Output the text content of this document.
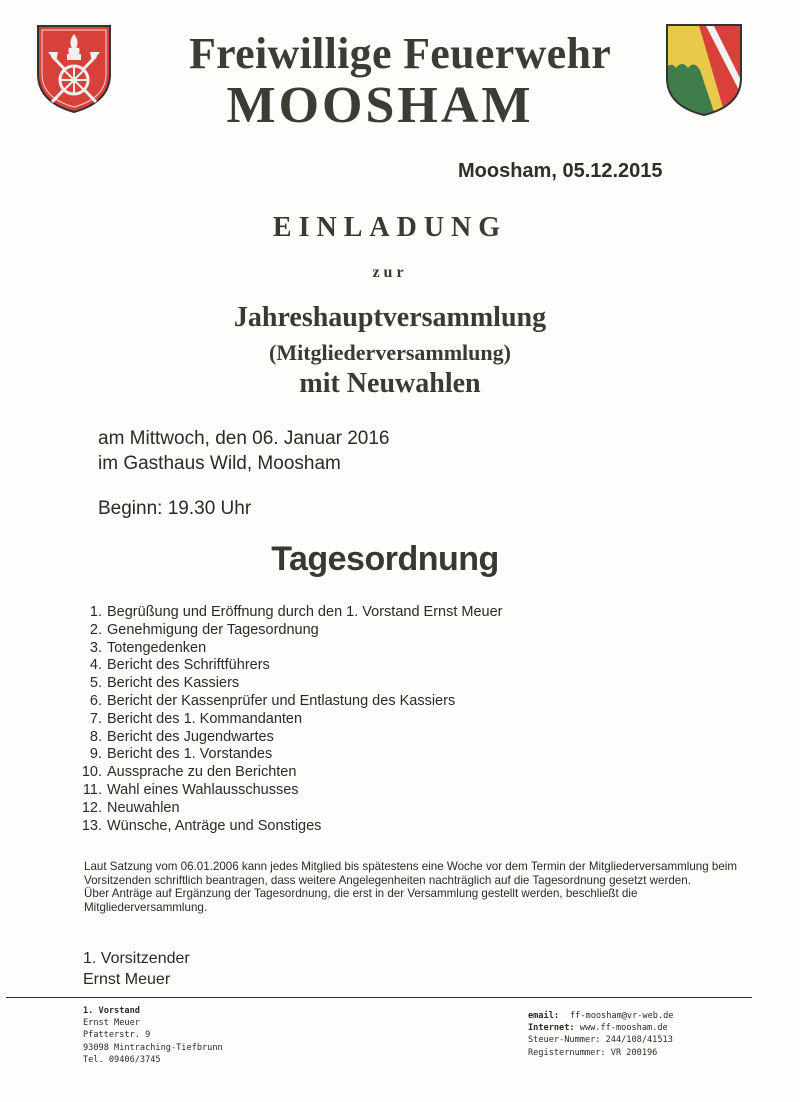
Freiwillige Feuerwehr
MOOSHAM
Moosham, 05.12.2015
EINLADUNG
zur
Jahreshauptversammlung
(Mitgliederversammlung)
mit Neuwahlen
am Mittwoch, den 06. Januar 2016
im Gasthaus Wild, Moosham
Beginn: 19.30 Uhr
Tagesordnung
1. Begrüßung und Eröffnung durch den 1. Vorstand Ernst Meuer
2. Genehmigung der Tagesordnung
3. Totengedenken
4. Bericht des Schriftführers
5. Bericht des Kassiers
6. Bericht der Kassenprüfer und Entlastung des Kassiers
7. Bericht des 1. Kommandanten
8. Bericht des Jugendwartes
9. Bericht des 1. Vorstandes
10. Aussprache zu den Berichten
11. Wahl eines Wahlausschusses
12. Neuwahlen
13. Wünsche, Anträge und Sonstiges

Laut Satzung vom 06.01.2006 kann jedes Mitglied bis spätestens eine Woche vor dem Termin der Mitgliederversammlung beim Vorsitzenden schriftlich beantragen, dass weitere Angelegenheiten nachträglich auf die Tagesordnung gesetzt werden.

Über Anträge auf Ergänzung der Tagesordnung, die erst in der Versammlung gestellt werden, beschließt die Mitgliederversammlung.

1. Vorsitzender
Ernst Meuer
1. Vorstand
Ernst Meuer
Pfatterstr. 9
93098 Mintraching-Tiefbrunn
Tel. 09406/3745
email: ff-moosham@vr-web.de
Internet: www.ff-moosham.de
Steuer-Nummer: 244/108/41513
Registernummer: VR 200196
